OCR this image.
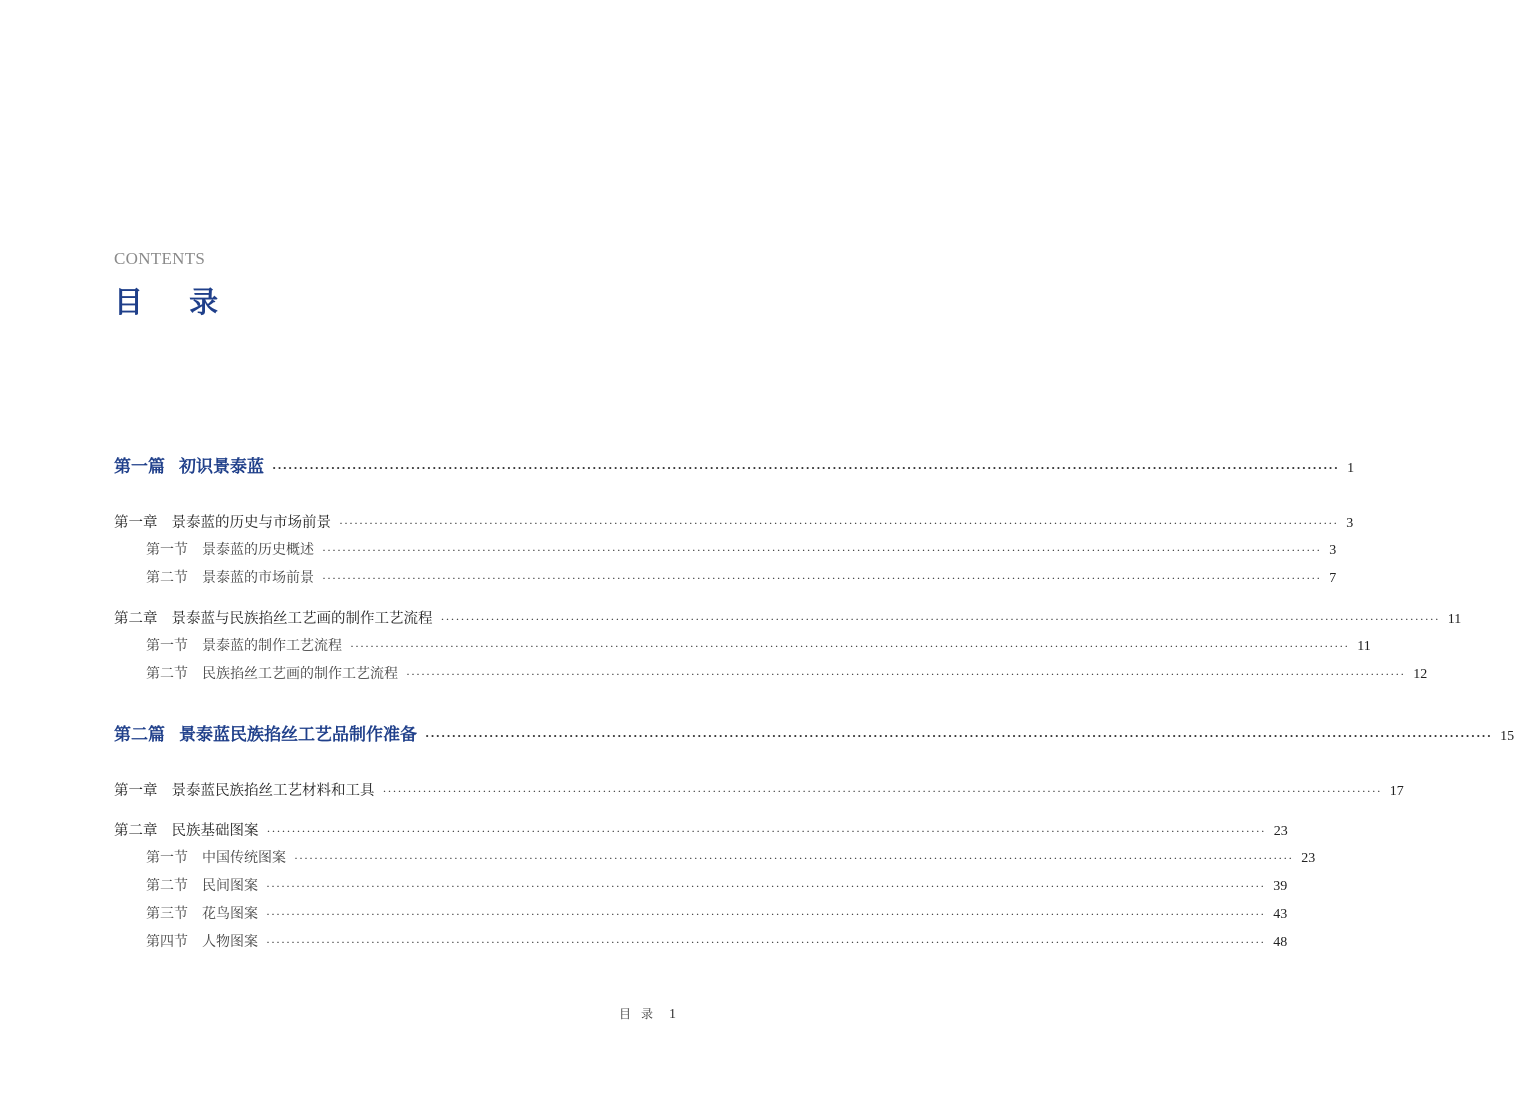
CONTENTS
目 录
第一篇 初识景泰蓝 ········································································································································································································ 1
第一章 景泰蓝的历史与市场前景 ········································································································································································································ 3
第一节 景泰蓝的历史概述 ········································································································································································································ 3
第二节 景泰蓝的市场前景 ········································································································································································································ 7
第二章 景泰蓝与民族掐丝工艺画的制作工艺流程 ········································································································································································································ 11
第一节 景泰蓝的制作工艺流程 ········································································································································································································ 11
第二节 民族掐丝工艺画的制作工艺流程 ········································································································································································································ 12
第二篇 景泰蓝民族掐丝工艺品制作准备 ········································································································································································································ 15
第一章 景泰蓝民族掐丝工艺材料和工具 ········································································································································································································ 17
第二章 民族基础图案 ········································································································································································································ 23
第一节 中国传统图案 ········································································································································································································ 23
第二节 民间图案 ········································································································································································································ 39
第三节 花鸟图案 ········································································································································································································ 43
第四节 人物图案 ········································································································································································································ 48
目录 1
